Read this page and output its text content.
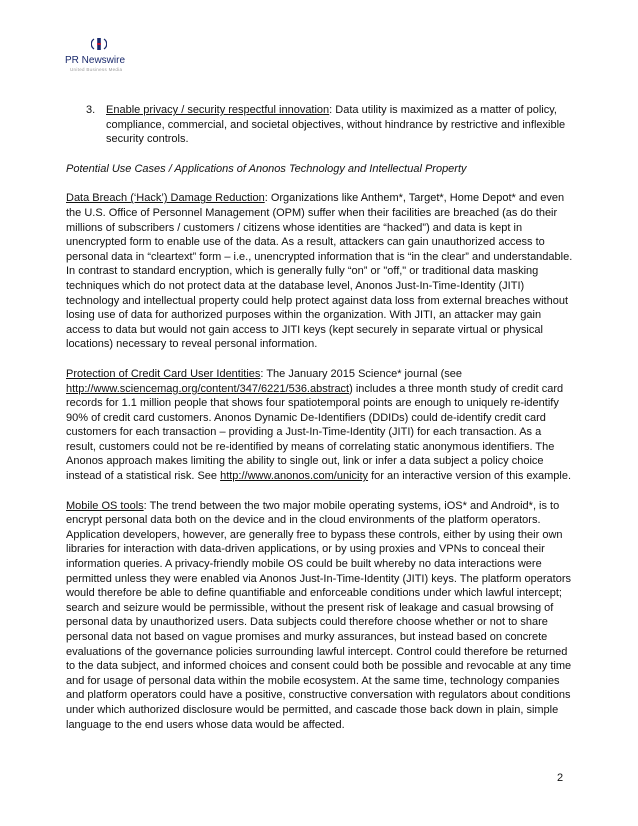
PR Newswire
United Business Media
3. Enable privacy / security respectful innovation: Data utility is maximized as a matter of policy, compliance, commercial, and societal objectives, without hindrance by restrictive and inflexible security controls.

Potential Use Cases / Applications of Anonos Technology and Intellectual Property

Data Breach (‘Hack’) Damage Reduction: Organizations like Anthem*, Target*, Home Depot* and even the U.S. Office of Personnel Management (OPM) suffer when their facilities are breached (as do their millions of subscribers / customers / citizens whose identities are “hacked”) and data is kept in unencrypted form to enable use of the data. As a result, attackers can gain unauthorized access to personal data in “cleartext” form – i.e., unencrypted information that is “in the clear” and understandable. In contrast to standard encryption, which is generally fully “on” or "off," or traditional data masking techniques which do not protect data at the database level, Anonos Just-In-Time-Identity (JITI) technology and intellectual property could help protect against data loss from external breaches without losing use of data for authorized purposes within the organization. With JITI, an attacker may gain access to data but would not gain access to JITI keys (kept securely in separate virtual or physical locations) necessary to reveal personal information.

Protection of Credit Card User Identities: The January 2015 Science* journal (see http://www.sciencemag.org/content/347/6221/536.abstract) includes a three month study of credit card records for 1.1 million people that shows four spatiotemporal points are enough to uniquely re-identify 90% of credit card customers. Anonos Dynamic De-Identifiers (DDIDs) could de-identify credit card customers for each transaction – providing a Just-In-Time-Identity (JITI) for each transaction. As a result, customers could not be re-identified by means of correlating static anonymous identifiers. The Anonos approach makes limiting the ability to single out, link or infer a data subject a policy choice instead of a statistical risk. See http://www.anonos.com/unicity for an interactive version of this example.

Mobile OS tools: The trend between the two major mobile operating systems, iOS* and Android*, is to encrypt personal data both on the device and in the cloud environments of the platform operators. Application developers, however, are generally free to bypass these controls, either by using their own libraries for interaction with data-driven applications, or by using proxies and VPNs to conceal their information queries. A privacy-friendly mobile OS could be built whereby no data interactions were permitted unless they were enabled via Anonos Just-In-Time-Identity (JITI) keys. The platform operators would therefore be able to define quantifiable and enforceable conditions under which lawful intercept; search and seizure would be permissible, without the present risk of leakage and casual browsing of personal data by unauthorized users. Data subjects could therefore choose whether or not to share personal data not based on vague promises and murky assurances, but instead based on concrete evaluations of the governance policies surrounding lawful intercept. Control could therefore be returned to the data subject, and informed choices and consent could both be possible and revocable at any time and for usage of personal data within the mobile ecosystem. At the same time, technology companies and platform operators could have a positive, constructive conversation with regulators about conditions under which authorized disclosure would be permitted, and cascade those back down in plain, simple language to the end users whose data would be affected.

2
